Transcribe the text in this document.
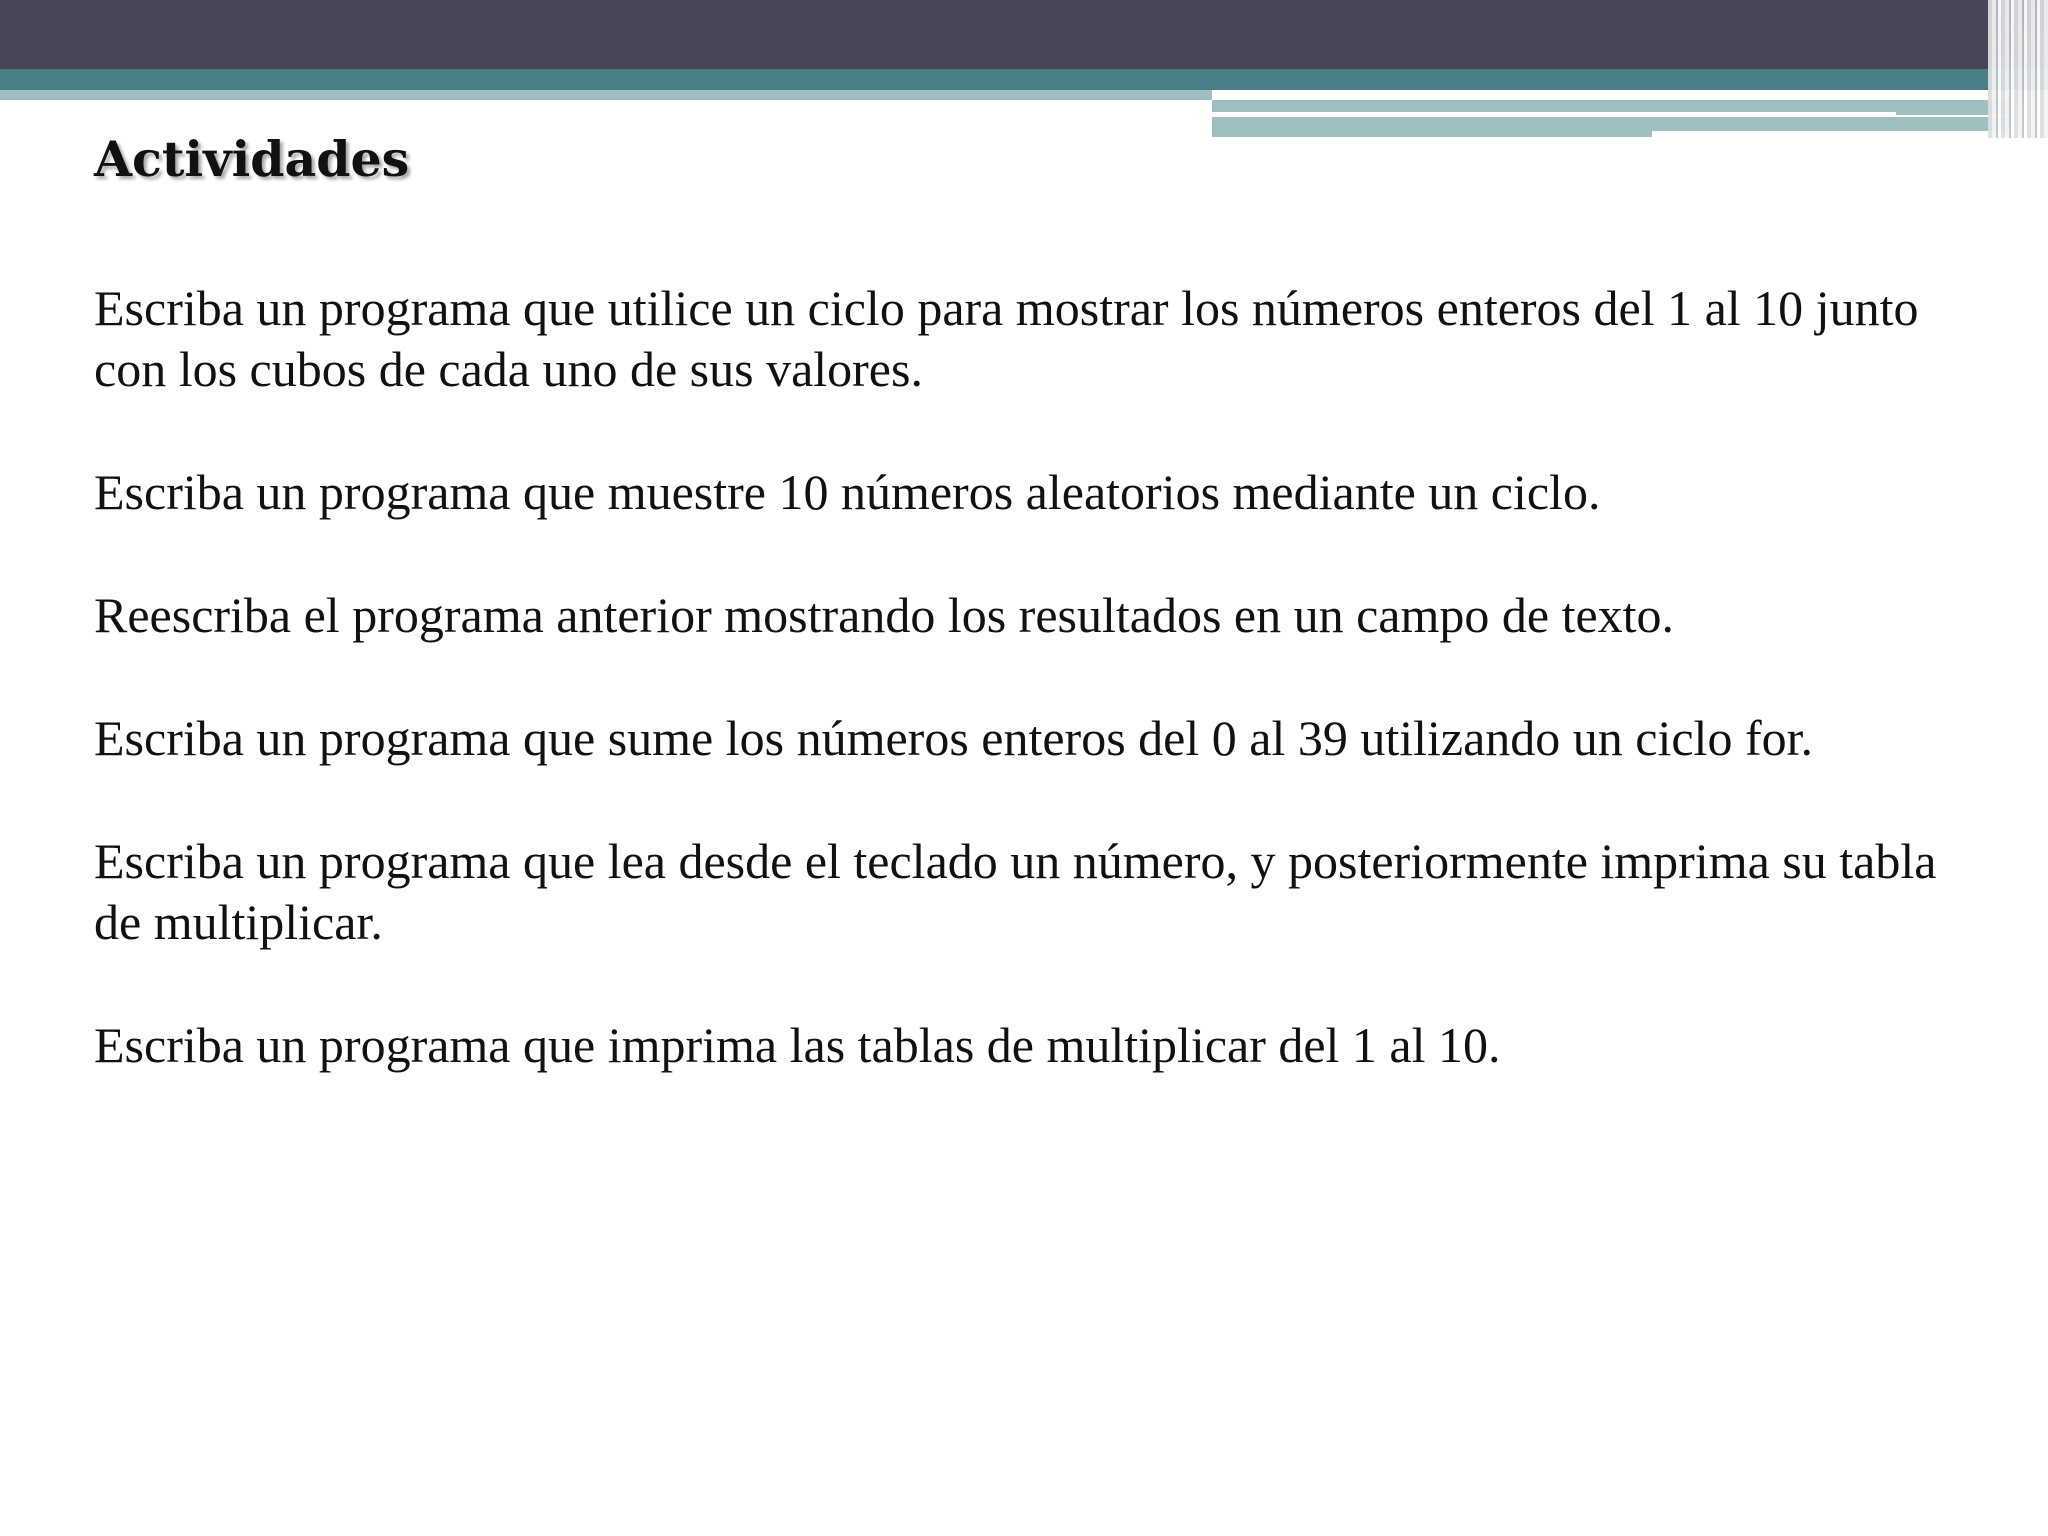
Actividades
Escriba un programa que utilice un ciclo para mostrar los números enteros del 1 al 10 junto con los cubos de cada uno de sus valores.
Escriba un programa que muestre 10 números aleatorios mediante un ciclo.
Reescriba el programa anterior mostrando los resultados en un campo de texto.
Escriba un programa que sume los números enteros del 0 al 39 utilizando un ciclo for.
Escriba un programa que lea desde el teclado un número, y posteriormente imprima su tabla de multiplicar.
Escriba un programa que imprima las tablas de multiplicar del 1 al 10.
